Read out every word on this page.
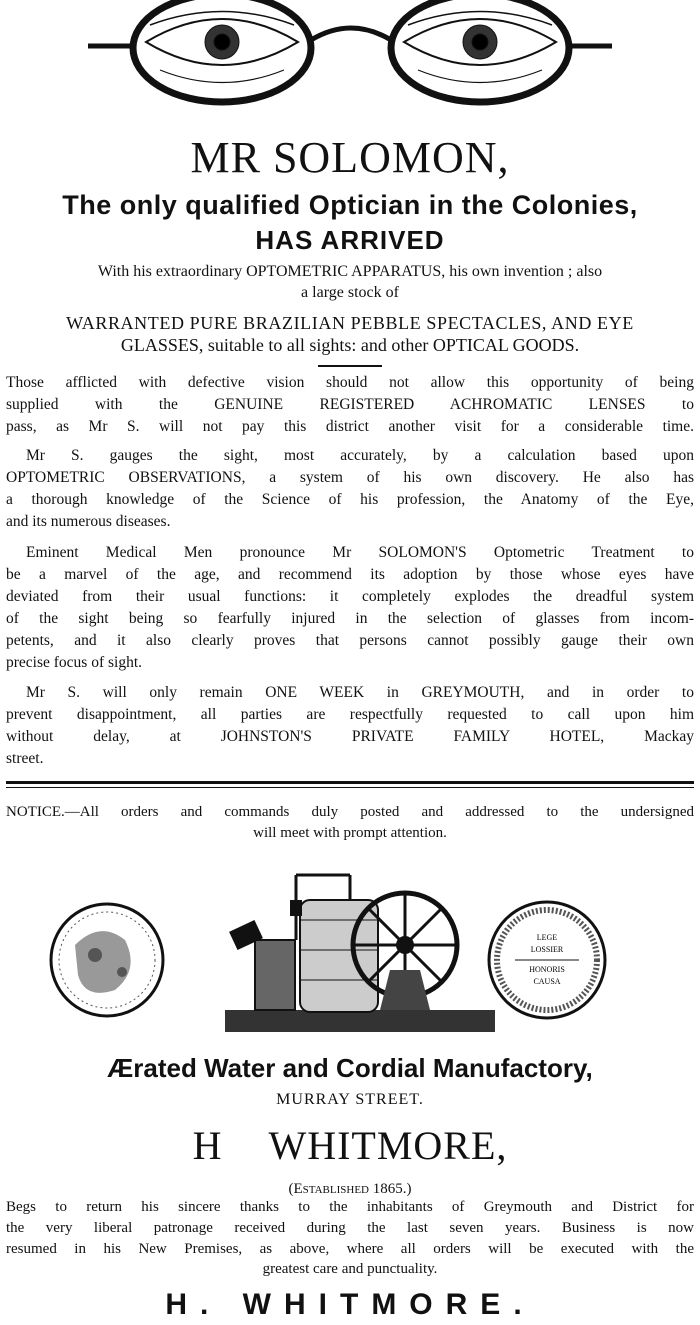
MR SOLOMON,
The only qualified Optician in the Colonies,
HAS ARRIVED
With his extraordinary OPTOMETRIC APPARATUS, his own invention ; also
a large stock of
WARRANTED PURE BRAZILIAN PEBBLE SPECTACLES, AND EYE
GLASSES, suitable to all sights: and other OPTICAL GOODS.
Those afflicted with defective vision should not allow this opportunity of being
supplied with the GENUINE REGISTERED ACHROMATIC LENSES to
pass, as Mr S. will not pay this district another visit for a considerable time.
Mr S. gauges the sight, most accurately, by a calculation based upon
OPTOMETRIC OBSERVATIONS, a system of his own discovery. He also has
a thorough knowledge of the Science of his profession, the Anatomy of the Eye,
and its numerous diseases.
Eminent Medical Men pronounce Mr SOLOMON'S Optometric Treatment to
be a marvel of the age, and recommend its adoption by those whose eyes have
deviated from their usual functions: it completely explodes the dreadful system
of the sight being so fearfully injured in the selection of glasses from incom-
petents, and it also clearly proves that persons cannot possibly gauge their own
precise focus of sight.
Mr S. will only remain ONE WEEK in GREYMOUTH, and in order to
prevent disappointment, all parties are respectfully requested to call upon him
without delay, at JOHNSTON'S PRIVATE FAMILY HOTEL, Mackay
street.
NOTICE.—All orders and commands duly posted and addressed to the undersigned
will meet with prompt attention.
LEGE
LOSSIER
HONORIS
CAUSA
Ærated Water and Cordial Manufactory,
MURRAY STREET.
H WHITMORE,
(Established 1865.)
Begs to return his sincere thanks to the inhabitants of Greymouth and District for
the very liberal patronage received during the last seven years. Business is now
resumed in his New Premises, as above, where all orders will be executed with the
greatest care and punctuality.
H. WHITMORE.
